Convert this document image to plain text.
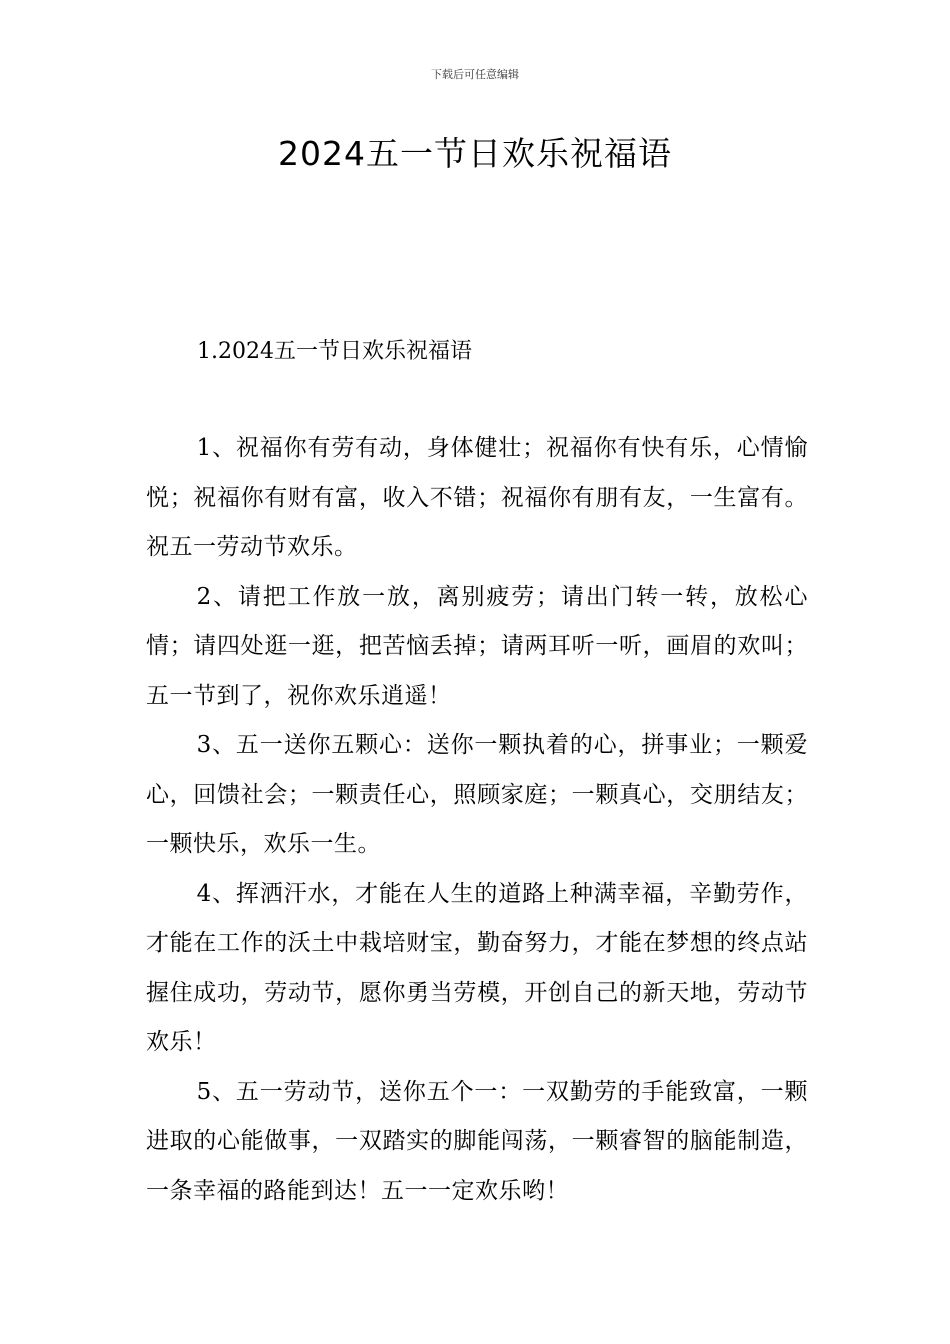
下载后可任意编辑
2024五一节日欢乐祝福语
1.2024五一节日欢乐祝福语

1、祝福你有劳有动，身体健壮；祝福你有快有乐，心情愉悦；祝福你有财有富，收入不错；祝福你有朋有友，一生富有。祝五一劳动节欢乐。

2、请把工作放一放，离别疲劳；请出门转一转，放松心情；请四处逛一逛，把苦恼丢掉；请两耳听一听，画眉的欢叫；五一节到了，祝你欢乐逍遥！

3、五一送你五颗心：送你一颗执着的心，拼事业；一颗爱心，回馈社会；一颗责任心，照顾家庭；一颗真心，交朋结友；一颗快乐，欢乐一生。

4、挥洒汗水，才能在人生的道路上种满幸福，辛勤劳作，才能在工作的沃土中栽培财宝，勤奋努力，才能在梦想的终点站握住成功，劳动节，愿你勇当劳模，开创自己的新天地，劳动节欢乐！

5、五一劳动节，送你五个一：一双勤劳的手能致富，一颗进取的心能做事，一双踏实的脚能闯荡，一颗睿智的脑能制造，一条幸福的路能到达！五一一定欢乐哟！
